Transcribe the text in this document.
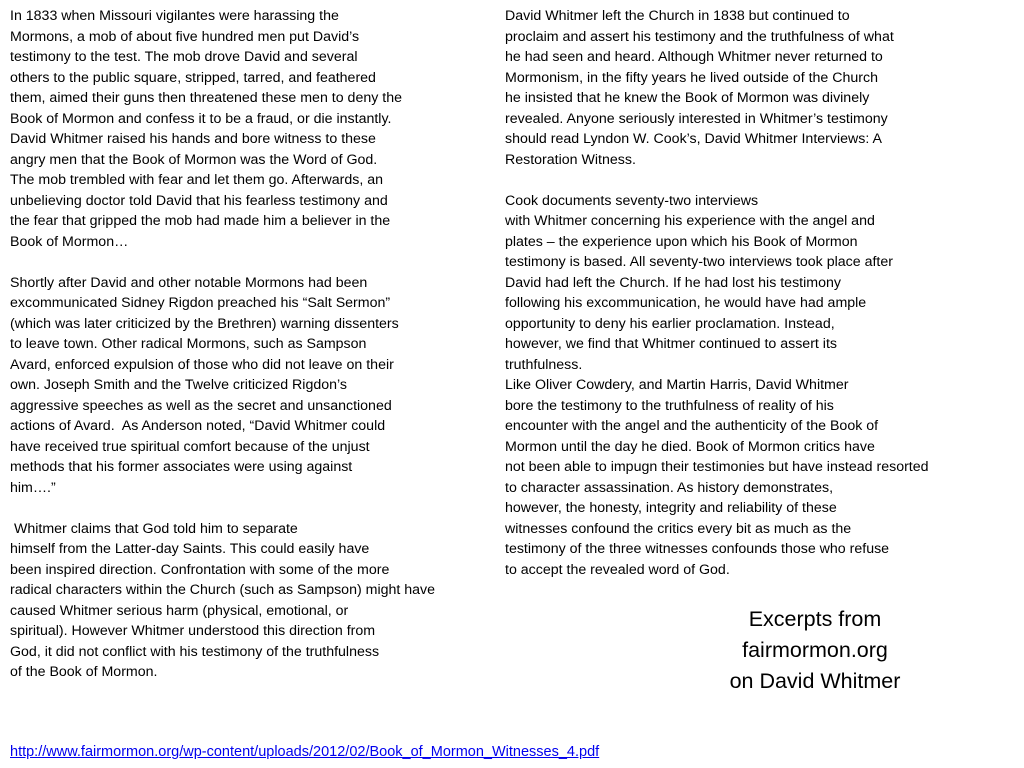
In 1833 when Missouri vigilantes were harassing the
Mormons, a mob of about five hundred men put David’s
testimony to the test. The mob drove David and several
others to the public square, stripped, tarred, and feathered
them, aimed their guns then threatened these men to deny the
Book of Mormon and confess it to be a fraud, or die instantly.
David Whitmer raised his hands and bore witness to these
angry men that the Book of Mormon was the Word of God.
The mob trembled with fear and let them go. Afterwards, an
unbelieving doctor told David that his fearless testimony and
the fear that gripped the mob had made him a believer in the
Book of Mormon…
Shortly after David and other notable Mormons had been
excommunicated Sidney Rigdon preached his “Salt Sermon”
(which was later criticized by the Brethren) warning dissenters
to leave town. Other radical Mormons, such as Sampson
Avard, enforced expulsion of those who did not leave on their
own. Joseph Smith and the Twelve criticized Rigdon’s
aggressive speeches as well as the secret and unsanctioned
actions of Avard.  As Anderson noted, “David Whitmer could
have received true spiritual comfort because of the unjust
methods that his former associates were using against
him….”
Whitmer claims that God told him to separate
himself from the Latter-day Saints. This could easily have
been inspired direction. Confrontation with some of the more
radical characters within the Church (such as Sampson) might have
caused Whitmer serious harm (physical, emotional, or
spiritual). However Whitmer understood this direction from
God, it did not conflict with his testimony of the truthfulness
of the Book of Mormon.
David Whitmer left the Church in 1838 but continued to
proclaim and assert his testimony and the truthfulness of what
he had seen and heard. Although Whitmer never returned to
Mormonism, in the fifty years he lived outside of the Church
he insisted that he knew the Book of Mormon was divinely
revealed. Anyone seriously interested in Whitmer’s testimony
should read Lyndon W. Cook’s, David Whitmer Interviews: A
Restoration Witness.
Cook documents seventy-two interviews
with Whitmer concerning his experience with the angel and
plates – the experience upon which his Book of Mormon
testimony is based. All seventy-two interviews took place after
David had left the Church. If he had lost his testimony
following his excommunication, he would have had ample
opportunity to deny his earlier proclamation. Instead,
however, we find that Whitmer continued to assert its
truthfulness.
Like Oliver Cowdery, and Martin Harris, David Whitmer
bore the testimony to the truthfulness of reality of his
encounter with the angel and the authenticity of the Book of
Mormon until the day he died. Book of Mormon critics have
not been able to impugn their testimonies but have instead resorted
to character assassination. As history demonstrates,
however, the honesty, integrity and reliability of these
witnesses confound the critics every bit as much as the
testimony of the three witnesses confounds those who refuse
to accept the revealed word of God.
Excerpts from
fairmormon.org
on David Whitmer
http://www.fairmormon.org/wp-content/uploads/2012/02/Book_of_Mormon_Witnesses_4.pdf
